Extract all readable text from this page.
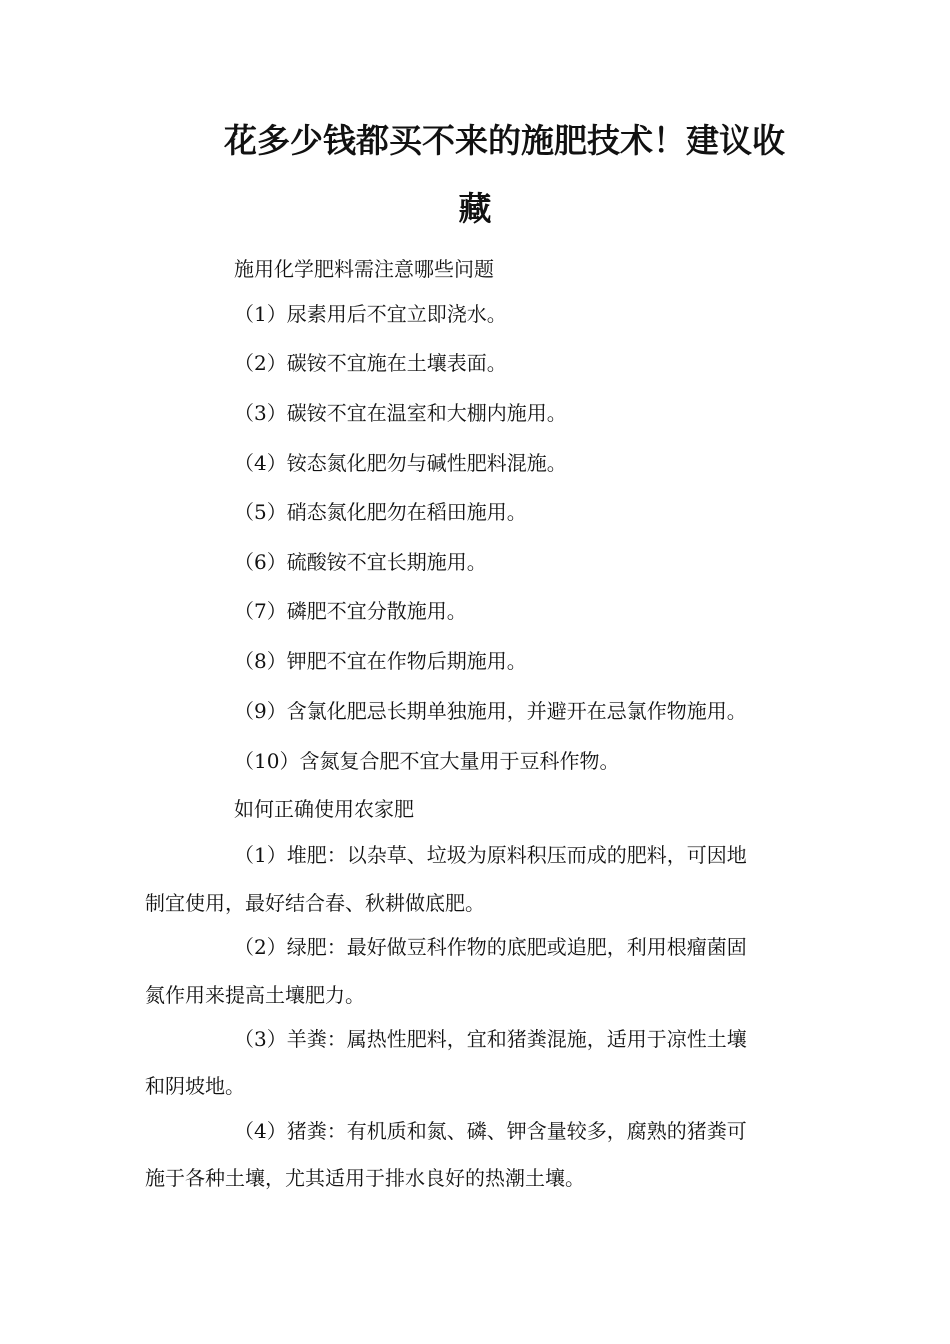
花多少钱都买不来的施肥技术！建议收
藏
施用化学肥料需注意哪些问题
（1）尿素用后不宜立即浇水。
（2）碳铵不宜施在土壤表面。
（3）碳铵不宜在温室和大棚内施用。
（4）铵态氮化肥勿与碱性肥料混施。
（5）硝态氮化肥勿在稻田施用。
（6）硫酸铵不宜长期施用。
（7）磷肥不宜分散施用。
（8）钾肥不宜在作物后期施用。
（9）含氯化肥忌长期单独施用，并避开在忌氯作物施用。
（10）含氮复合肥不宜大量用于豆科作物。
如何正确使用农家肥
（1）堆肥：以杂草、垃圾为原料积压而成的肥料，可因地
制宜使用，最好结合春、秋耕做底肥。
（2）绿肥：最好做豆科作物的底肥或追肥，利用根瘤菌固
氮作用来提高土壤肥力。
（3）羊粪：属热性肥料，宜和猪粪混施，适用于凉性土壤
和阴坡地。
（4）猪粪：有机质和氮、磷、钾含量较多，腐熟的猪粪可
施于各种土壤，尤其适用于排水良好的热潮土壤。
